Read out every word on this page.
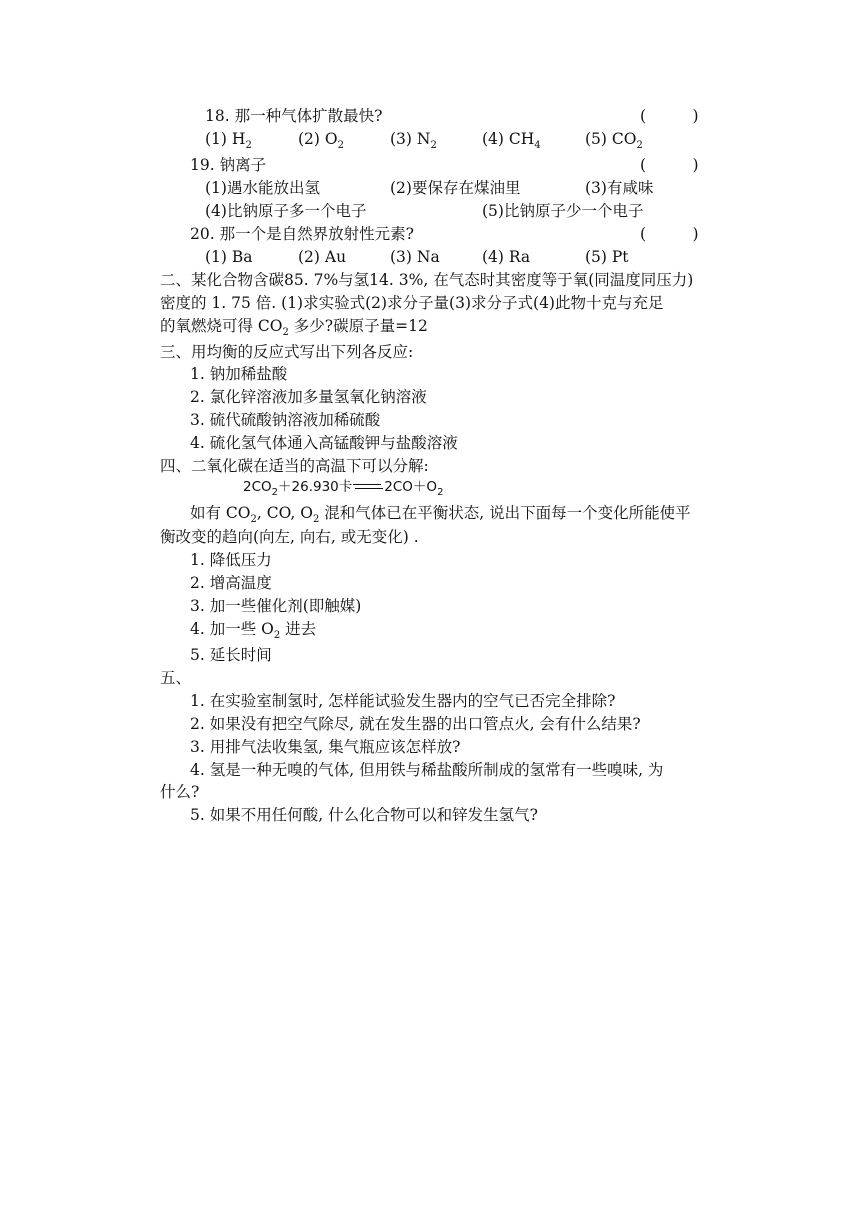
18. 那一种气体扩散最快?	(　　　)
(1) $H_2$	(2) $O_2$	(3) $N_2$	(4) $CH_4$	(5) $CO_2$
19. 钠离子	(　　　)
(1)遇水能放出氢	(2)要保存在煤油里	(3)有咸味
(4)比钠原子多一个电子	(5)比钠原子少一个电子
20. 那一个是自然界放射性元素?	(　　　)
(1) Ba	(2) Au	(3) Na	(4) Ra	(5) Pt
二、某化合物含碳85. 7%与氢14. 3%, 在气态时其密度等于氧(同温度同压力)
密度的 1. 75 倍. (1)求实验式(2)求分子量(3)求分子式(4)此物十克与充足
的氧燃烧可得 $CO_2$ 多少?碳原子量=12
三、用均衡的反应式写出下列各反应:
1. 钠加稀盐酸
2. 氯化锌溶液加多量氢氧化钠溶液
3. 硫代硫酸钠溶液加稀硫酸
4. 硫化氢气体通入高锰酸钾与盐酸溶液
四、二氧化碳在适当的高温下可以分解:
$2CO_2+26.930$卡 $2CO+O_2$
如有 $CO_2$, CO, $O_2$ 混和气体已在平衡状态, 说出下面每一个变化所能使平
衡改变的趋向(向左, 向右, 或无变化) .
1. 降低压力
2. 增高温度
3. 加一些催化剂(即触媒)
4. 加一些 $O_2$ 进去
5. 延长时间
五、
1. 在实验室制氢时, 怎样能试验发生器内的空气已否完全排除?
2. 如果没有把空气除尽, 就在发生器的出口管点火, 会有什么结果?
3. 用排气法收集氢, 集气瓶应该怎样放?
4. 氢是一种无嗅的气体, 但用铁与稀盐酸所制成的氢常有一些嗅味, 为
什么?
5. 如果不用任何酸, 什么化合物可以和锌发生氢气?
